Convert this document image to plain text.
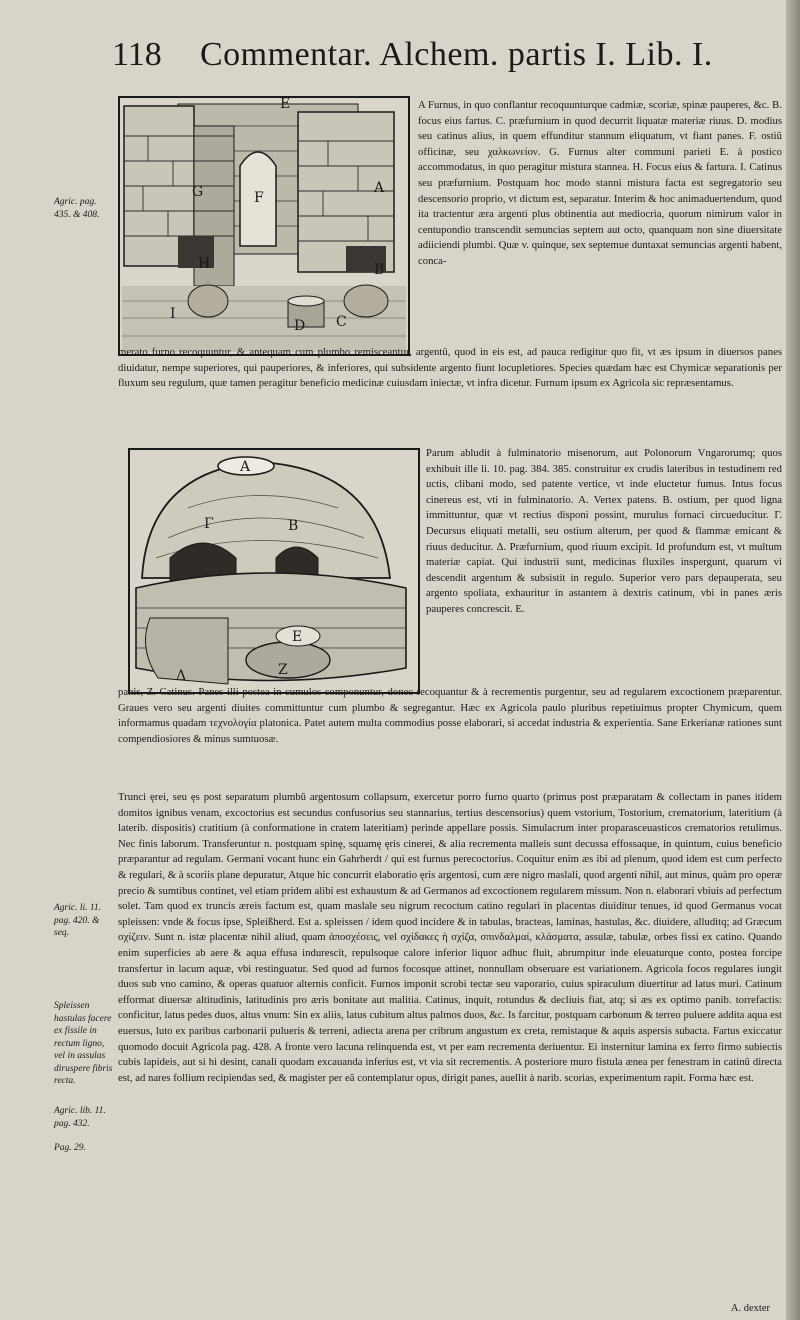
118 Commentar. Alchem. partis I. Lib. I.
E
G	F
A
H	B
I	C
D
A Furnus, in quo conflantur recoquunturque cadmiæ, scoriæ, spinæ pauperes, &c. B. focus eius fartus. C. præfurnium in quod decurrit liquatæ materiæ riuus. D. modius seu catinus alius, in quem effunditur stannum eliquatum, vt fiant panes. F. ostiũ officinæ, seu χαλκωνείον. G. Furnus alter communi parieti E. à postico accommodatus, in quo peragitur mistura stannea. H. Focus eius & fartura. I. Catinus seu præfurnium. Postquam hoc modo stanni mistura facta est segregatorio seu descensorio proprio, vt dictum est, separatur. Interim & hoc animaduertendum, quod ita tractentur æra argenti plus obtinentia aut mediocria, quorum nimirum valor in centupondio transcendit semuncias septem aut octo, quanquam non sine diuersitate adiiciendi plumbi. Quæ v. quinque, sex septemue duntaxat semuncias argenti habent, conca-
merato furno recoquuntur, & antequam cum plumbo remisceantur, argentũ, quod in eis est, ad pauca redigitur quo fit, vt æs ipsum in diuersos panes diuidatur, nempe superiores, qui pauperiores, & inferiores, qui subsidente argento fiunt locupletiores. Species quædam hæc est Chymicæ separationis per fluxum seu regulum, quæ tamen peragitur beneficio medicinæ cuiusdam iniectæ, vt infra dicetur. Furnum ipsum ex Agricola sic repræsentamus.
A
Γ	B
E
Δ	Z
Parum abludit à fulminatorio misenorum, aut Polonorum Vngarorumq; quos exhibuit ille li. 10. pag. 384. 385. construitur ex crudis lateribus in testudinem red uctis, clibani modo, sed patente vertice, vt inde eluctetur fumus. Intus focus cinereus est, vti in fulminatorio. A. Vertex patens. B. ostium, per quod ligna immittuntur, quæ vt rectius disponi possint, murulus fornaci circueducitur. Γ. Decursus eliquati metalli, seu ostium alterum, per quod & flammæ emicant & riuus deducitur. Δ. Præfurnium, quod riuum excipit. Id profundum est, vt multum materiæ capiat. Qui industrii sunt, medicinas fluxiles inspergunt, quarum vi descendit argentum & subsistit in regulo. Superior vero pars depauperata, seu argento spoliata, exhauritur in astantem à dextris catinum, vbi in panes æris pauperes concrescit. E.
panis, Z. Catinus. Panes illi postea in cumulos componuntur, donec recoquantur & à recrementis purgentur, seu ad regularem excoctionem præparentur. Graues vero seu argenti diuites committuntur cum plumbo & segregantur. Hæc ex Agricola paulo pluribus repetiuimus propter Chymicum, quem informamus quadam τεχνολογία platonica. Patet autem multa commodius posse elaborari, si accedat industria & experientia. Sane Erkerianæ rationes sunt compendiosiores & minus sumtuosæ.
Trunci ęrei, seu ęs post separatum plumbũ argentosum collapsum, exercetur porro furno quarto (primus post præparatam & collectam in panes itidem domitos ignibus venam, excoctorius est secundus confusorius seu stannarius, tertius descensorius) quem vstorium, Tostorium, crematorium, lateritium (à laterib. dispositis) cratitium (à conformatione in cratem lateritiam) perinde appellare possis. Simulacrum inter proparasceuasticos crematorios retulimus. Nec finis laborum. Transferuntur n. postquam spinę, squamę ęris cinerei, & alia recrementa malleis sunt decussa effossaque, in quintum, cuius beneficio præparantur ad regulam. Germani vocant hunc ein Gahrherdt / qui est furnus perecoctorius. Coquitur enim æs ibi ad plenum, quod idem est cum perfecto & regulari, & à scoriis plane depuratur, Atque hic concurrit elaboratio ęris argentosi, cum ære nigro maslali, quod argenti nihil, aut minus, quàm pro operæ precio & sumtibus continet, vel etiam pridem alibi est exhaustum & ad Germanos ad excoctionem regularem missum. Non n. elaborari vbiuis ad perfectum solet. Tam quod ex truncis æreis factum est, quam maslale seu nigrum recoctum catino regulari in placentas diuiditur tenues, id quod Germanus vocat spleissen: vnde & focus ipse, Spleißherd. Est a. spleissen / idem quod incidere & in tabulas, bracteas, laminas, hastulas, &c. diuidere, alluditq; ad Græcum σχίζειν. Sunt n. istæ placentæ nihil aliud, quam ἀποσχέσεις, vel σχίδακες ἡ σχίζα, σπινδαλμαί, κλάσματα, assulæ, tabulæ, orbes fissi ex catino. Quando enim superficies ab aere & aqua effusa indurescit, repulsoque calore inferior liquor adhuc fluit, abrumpitur inde eleuaturque conto, postea forcipe transfertur in lacum aquæ, vbi restinguatur. Sed quod ad furnos focosque attinet, nonnullam obseruare est variationem. Agricola focos regulares iungit duos sub vno camino, & operas quatuor alternis conficit. Furnos imponit scrobi tectæ seu vaporario, cuius spiraculum diuertitur ad latus muri. Catinum efformat diuersæ altitudinis, latitudinis pro æris bonitate aut malitia. Catinus, inquit, rotundus & decliuis fiat, atq; si æs ex optimo panib. torrefactis: conficitur, latus pedes duos, altus vnum: Sin ex aliis, latus cubitum altus palmos duos, &c. Is farcitur, postquam carbonum & terreo puluere addita aqua est euersus, luto ex paribus carbonarii pulueris & terreni, adiecta arena per cribrum angustum ex creta, remistaque & aquis aspersis subacta. Fartus exiccatur quomodo docuit Agricola pag. 428. A fronte vero lacuna relinquenda est, vt per eam recrementa deriuentur. Ei insternitur lamina ex ferro firmo subiectis cubis lapideis, aut si hi desint, canali quodam excauanda inferius est, vt via sit recrementis. A posteriore muro fistula ænea per fenestram in catinũ directa est, ad nares follium recipiendas sed, & magister per eã contemplatur opus, dirigit panes, auellit à narib. scorias, experimentum rapit. Forma hæc est.
Agric. pag. 435. & 408.
Agric. li. 11. pag. 420. & seq.
Spleissen hastulas facere ex fissile in rectum ligno, vel in assulas diruspere fibris recta.
Agric. lib. 11. pag. 432.
Pag. 29.
A. dexter
